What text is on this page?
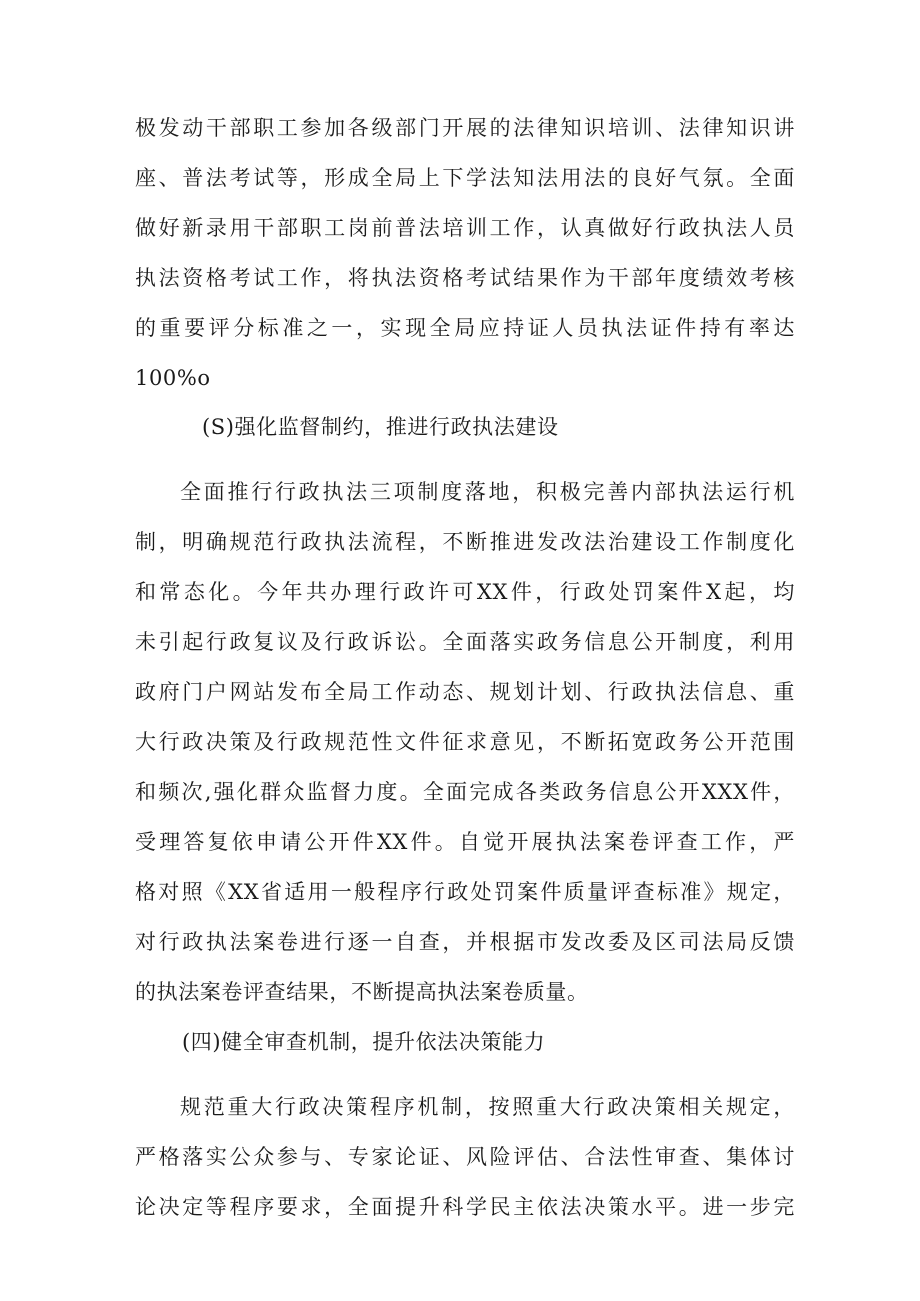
极发动干部职工参加各级部门开展的法律知识培训、法律知识讲
座、普法考试等，形成全局上下学法知法用法的良好气氛。全面
做好新录用干部职工岗前普法培训工作，认真做好行政执法人员
执法资格考试工作，将执法资格考试结果作为干部年度绩效考核
的重要评分标准之一，实现全局应持证人员执法证件持有率达
100%o
(S)强化监督制约，推进行政执法建设
全面推行行政执法三项制度落地，积极完善内部执法运行机
制，明确规范行政执法流程，不断推进发改法治建设工作制度化
和常态化。今年共办理行政许可XX件，行政处罚案件X起，均
未引起行政复议及行政诉讼。全面落实政务信息公开制度，利用
政府门户网站发布全局工作动态、规划计划、行政执法信息、重
大行政决策及行政规范性文件征求意见，不断拓宽政务公开范围
和频次,强化群众监督力度。全面完成各类政务信息公开XXX件，
受理答复依申请公开件XX件。自觉开展执法案卷评查工作，严
格对照《XX省适用一般程序行政处罚案件质量评查标准》规定，
对行政执法案卷进行逐一自查，并根据市发改委及区司法局反馈
的执法案卷评查结果，不断提高执法案卷质量。
(四)健全审查机制，提升依法决策能力
规范重大行政决策程序机制，按照重大行政决策相关规定，
严格落实公众参与、专家论证、风险评估、合法性审查、集体讨
论决定等程序要求，全面提升科学民主依法决策水平。进一步完
